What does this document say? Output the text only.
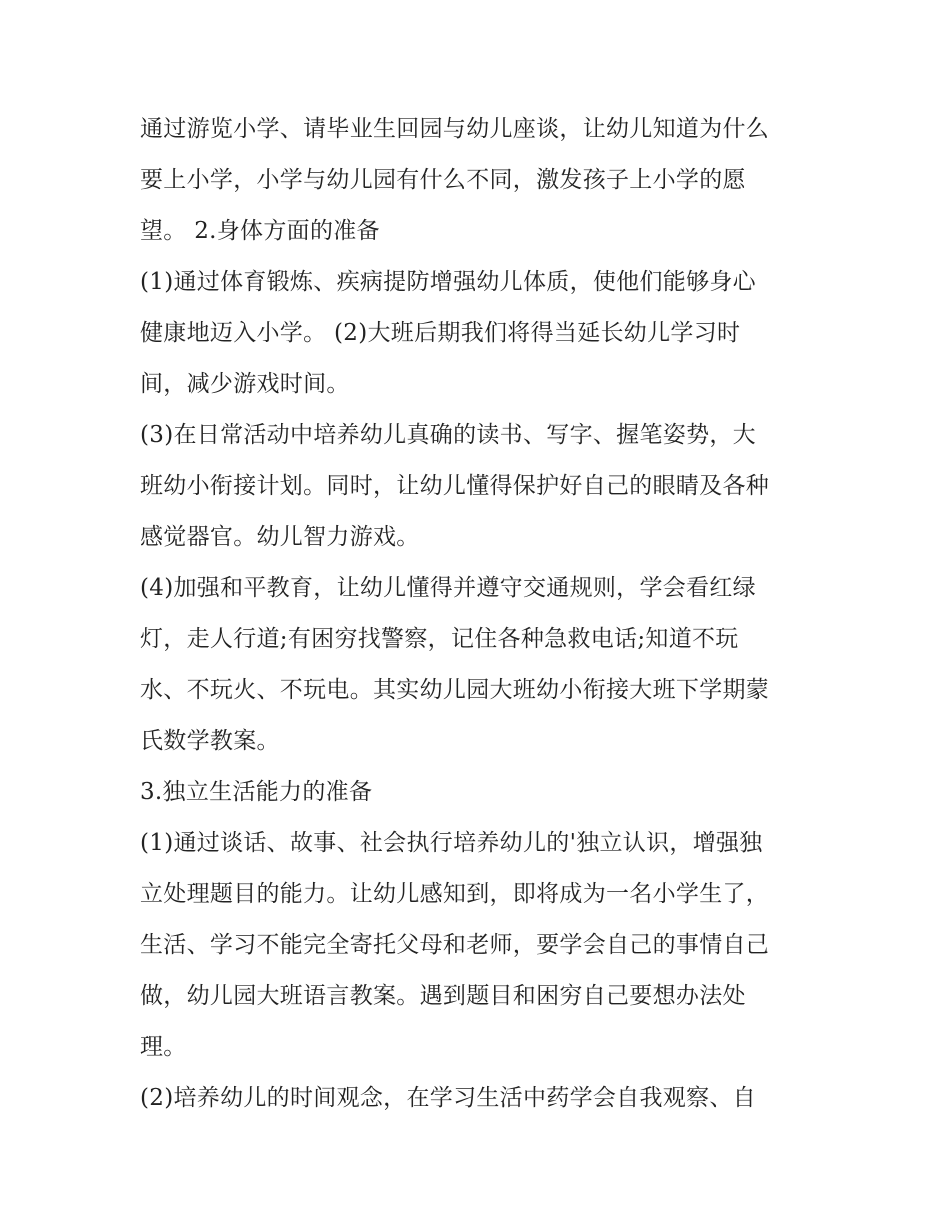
通过游览小学、请毕业生回园与幼儿座谈，让幼儿知道为什么
要上小学，小学与幼儿园有什么不同，激发孩子上小学的愿
望。 2.身体方面的准备
(1)通过体育锻炼、疾病提防增强幼儿体质，使他们能够身心
健康地迈入小学。 (2)大班后期我们将得当延长幼儿学习时
间，减少游戏时间。
(3)在日常活动中培养幼儿真确的读书、写字、握笔姿势，大
班幼小衔接计划。同时，让幼儿懂得保护好自己的眼睛及各种
感觉器官。幼儿智力游戏。
(4)加强和平教育，让幼儿懂得并遵守交通规则，学会看红绿
灯，走人行道;有困穷找警察，记住各种急救电话;知道不玩
水、不玩火、不玩电。其实幼儿园大班幼小衔接大班下学期蒙
氏数学教案。
3.独立生活能力的准备
(1)通过谈话、故事、社会执行培养幼儿的'独立认识，增强独
立处理题目的能力。让幼儿感知到，即将成为一名小学生了，
生活、学习不能完全寄托父母和老师，要学会自己的事情自己
做，幼儿园大班语言教案。遇到题目和困穷自己要想办法处
理。
(2)培养幼儿的时间观念，在学习生活中药学会自我观察、自
